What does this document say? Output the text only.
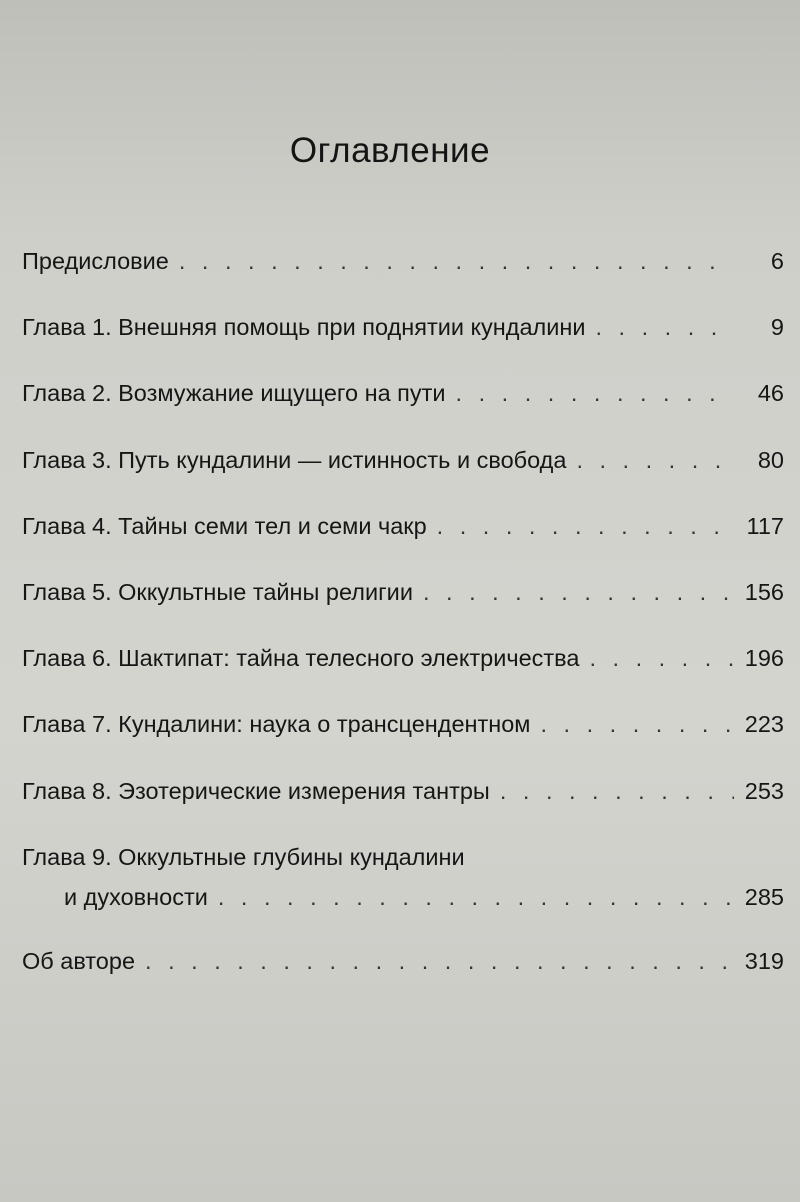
Оглавление
Предисловие . . .	6
Глава 1. Внешняя помощь при поднятии кундалини . . .	9
Глава 2. Возмужание ищущего на пути . . .	46
Глава 3. Путь кундалини — истинность и свобода . . .	80
Глава 4. Тайны семи тел и семи чакр . . .	117
Глава 5. Оккультные тайны религии . . .	156
Глава 6. Шактипат: тайна телесного электричества . . .	196
Глава 7. Кундалини: наука о трансцендентном . . .	223
Глава 8. Эзотерические измерения тантры . . .	253
Глава 9. Оккультные глубины кундалини
и духовности . . .	285
Об авторе . . .	319
